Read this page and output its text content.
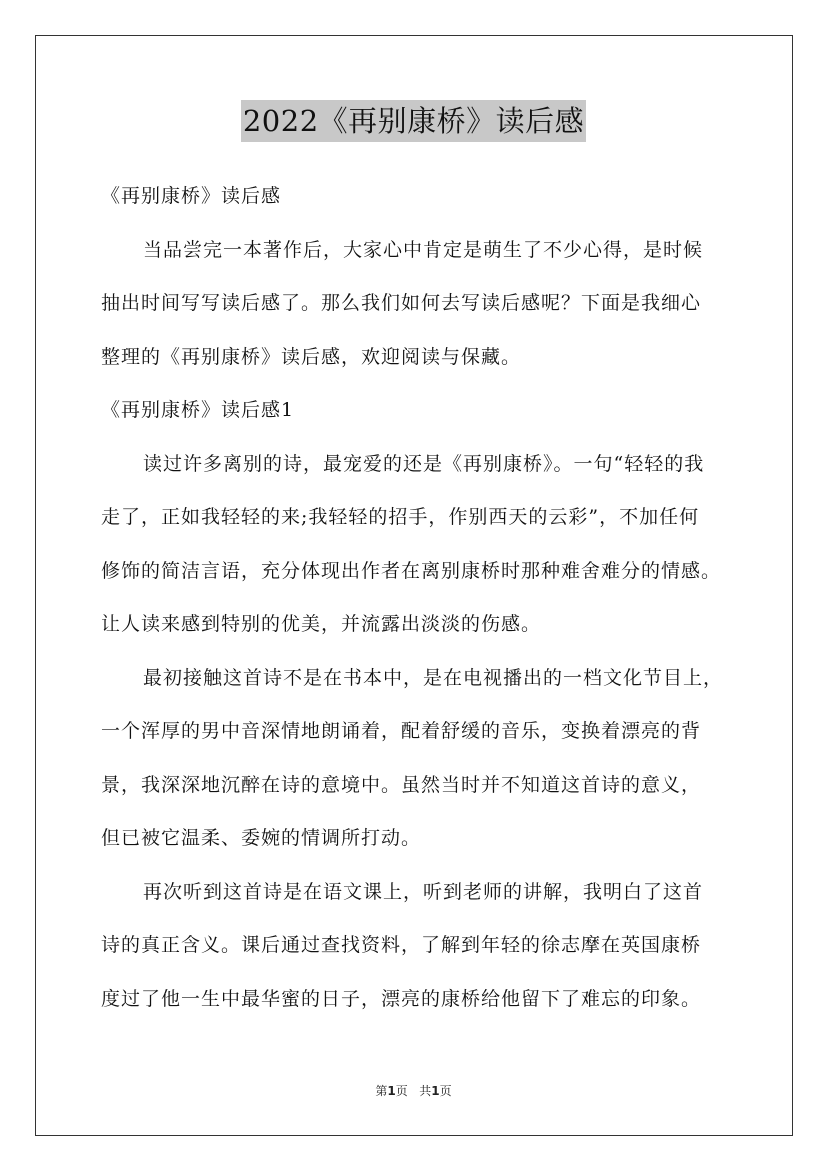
2022《再别康桥》读后感
《再别康桥》读后感
当品尝完一本著作后，大家心中肯定是萌生了不少心得，是时候
抽出时间写写读后感了。那么我们如何去写读后感呢？下面是我细心
整理的《再别康桥》读后感，欢迎阅读与保藏。
《再别康桥》读后感1
读过许多离别的诗，最宠爱的还是《再别康桥》。一句“轻轻的我
走了，正如我轻轻的来;我轻轻的招手，作别西天的云彩”，不加任何
修饰的简洁言语，充分体现出作者在离别康桥时那种难舍难分的情感。
让人读来感到特别的优美，并流露出淡淡的伤感。
最初接触这首诗不是在书本中，是在电视播出的一档文化节目上，
一个浑厚的男中音深情地朗诵着，配着舒缓的音乐，变换着漂亮的背
景，我深深地沉醉在诗的意境中。虽然当时并不知道这首诗的意义，
但已被它温柔、委婉的情调所打动。
再次听到这首诗是在语文课上，听到老师的讲解，我明白了这首
诗的真正含义。课后通过查找资料，了解到年轻的徐志摩在英国康桥
度过了他一生中最华蜜的日子，漂亮的康桥给他留下了难忘的印象。
第1页 共1页
